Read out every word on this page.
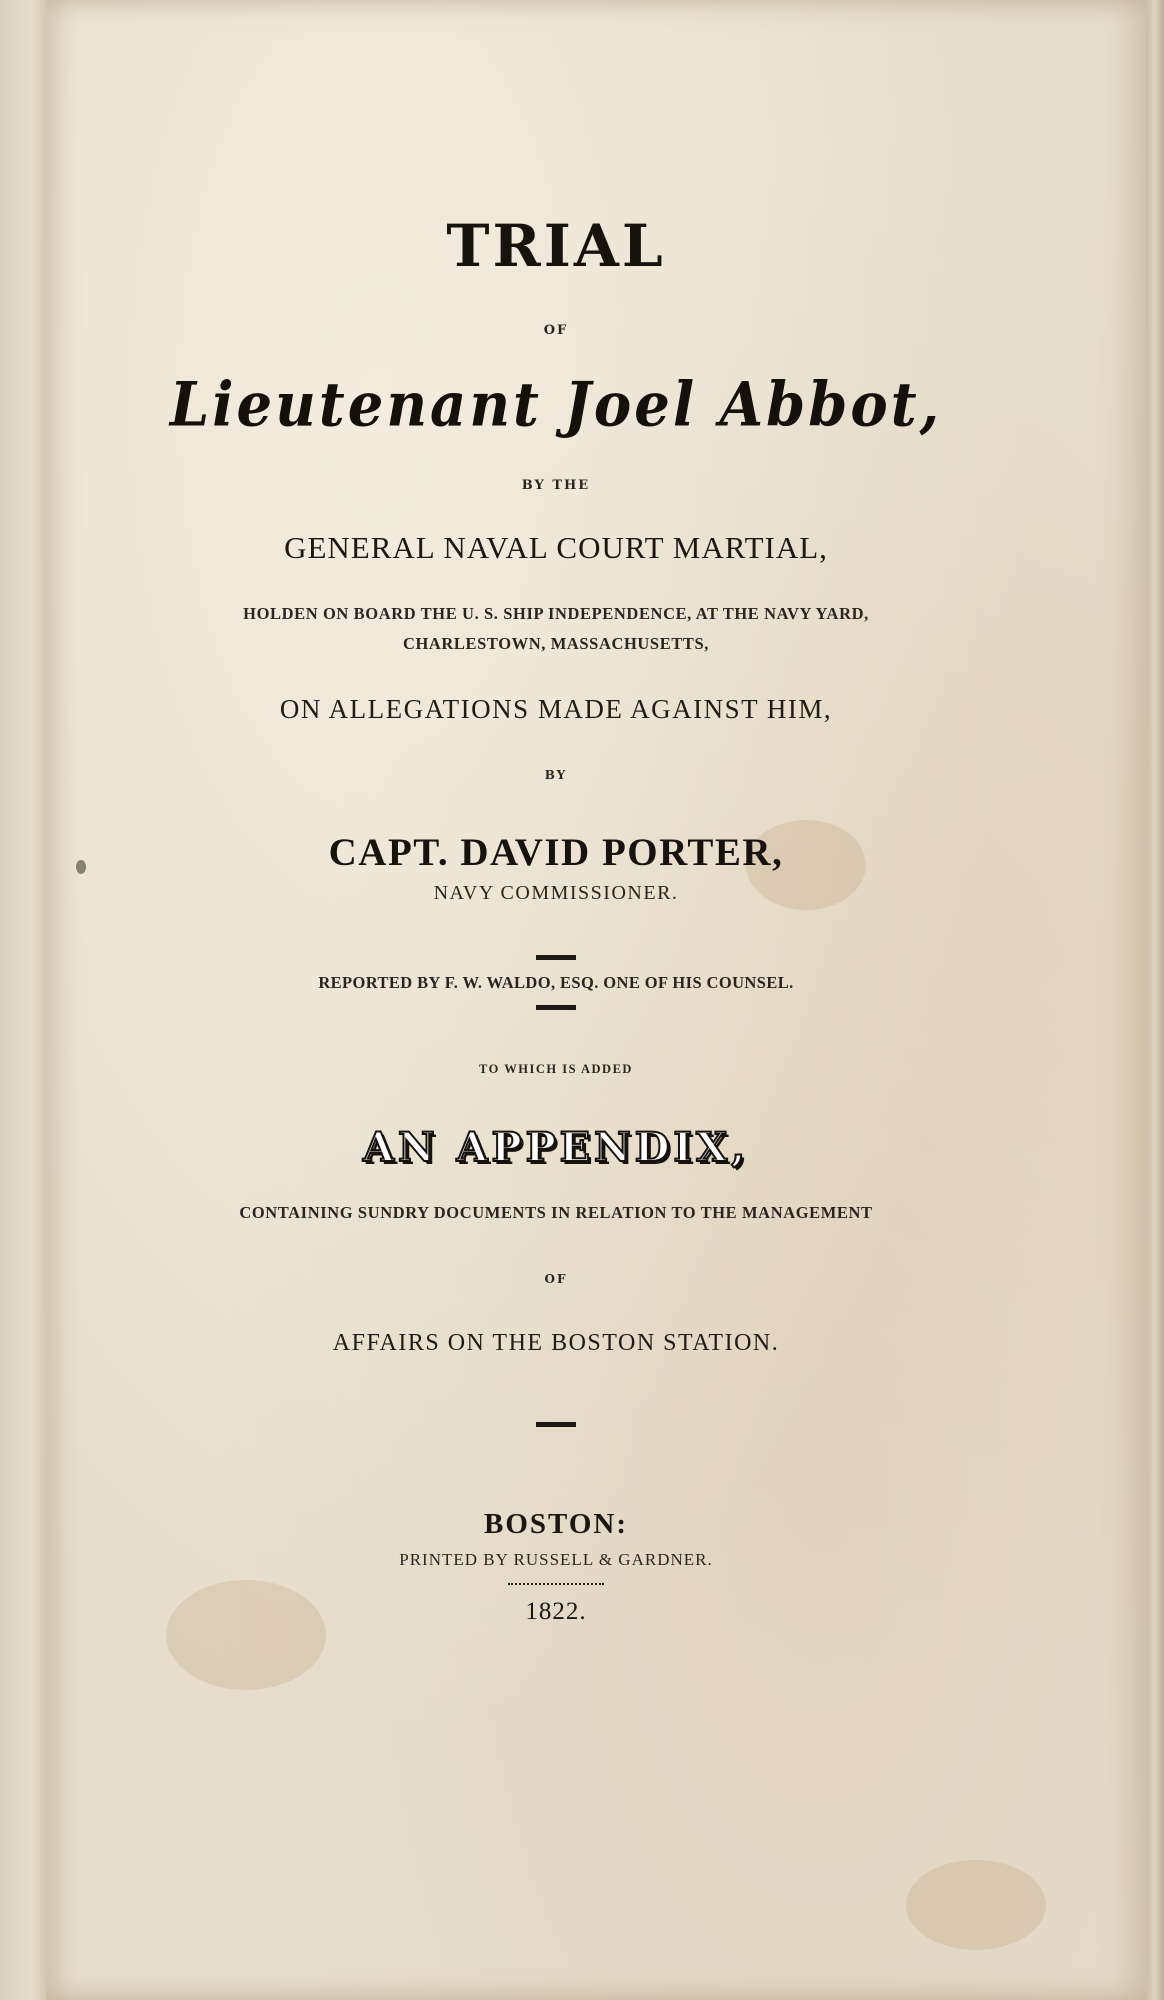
TRIAL
OF
Lieutenant Joel Abbot,
BY THE
GENERAL NAVAL COURT MARTIAL,
HOLDEN ON BOARD THE U. S. SHIP INDEPENDENCE, AT THE NAVY YARD,
CHARLESTOWN, MASSACHUSETTS,
ON ALLEGATIONS MADE AGAINST HIM,
BY
CAPT. DAVID PORTER,
NAVY COMMISSIONER.
REPORTED BY F. W. WALDO, ESQ. ONE OF HIS COUNSEL.
TO WHICH IS ADDED
AN APPENDIX,
CONTAINING SUNDRY DOCUMENTS IN RELATION TO THE MANAGEMENT
OF
AFFAIRS ON THE BOSTON STATION.
BOSTON:
PRINTED BY RUSSELL & GARDNER.
1822.
